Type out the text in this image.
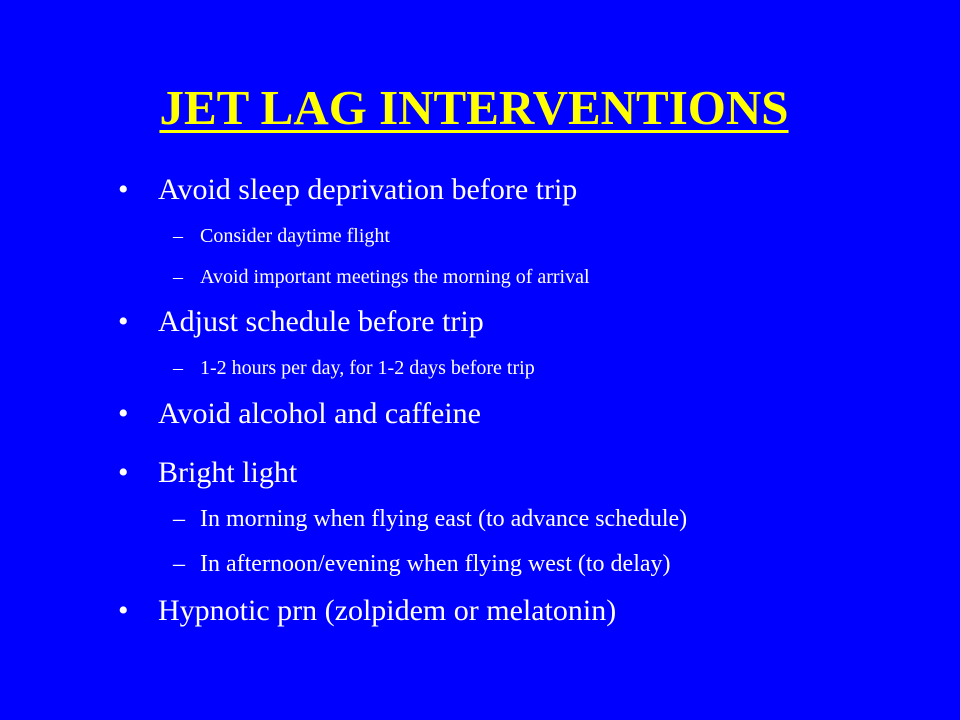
JET LAG INTERVENTIONS
• Avoid sleep deprivation before trip
– Consider daytime flight
– Avoid important meetings the morning of arrival
• Adjust schedule before trip
– 1-2 hours per day, for 1-2 days before trip
• Avoid alcohol and caffeine
• Bright light
– In morning when flying east (to advance schedule)
– In afternoon/evening when flying west (to delay)
• Hypnotic prn (zolpidem or melatonin)
